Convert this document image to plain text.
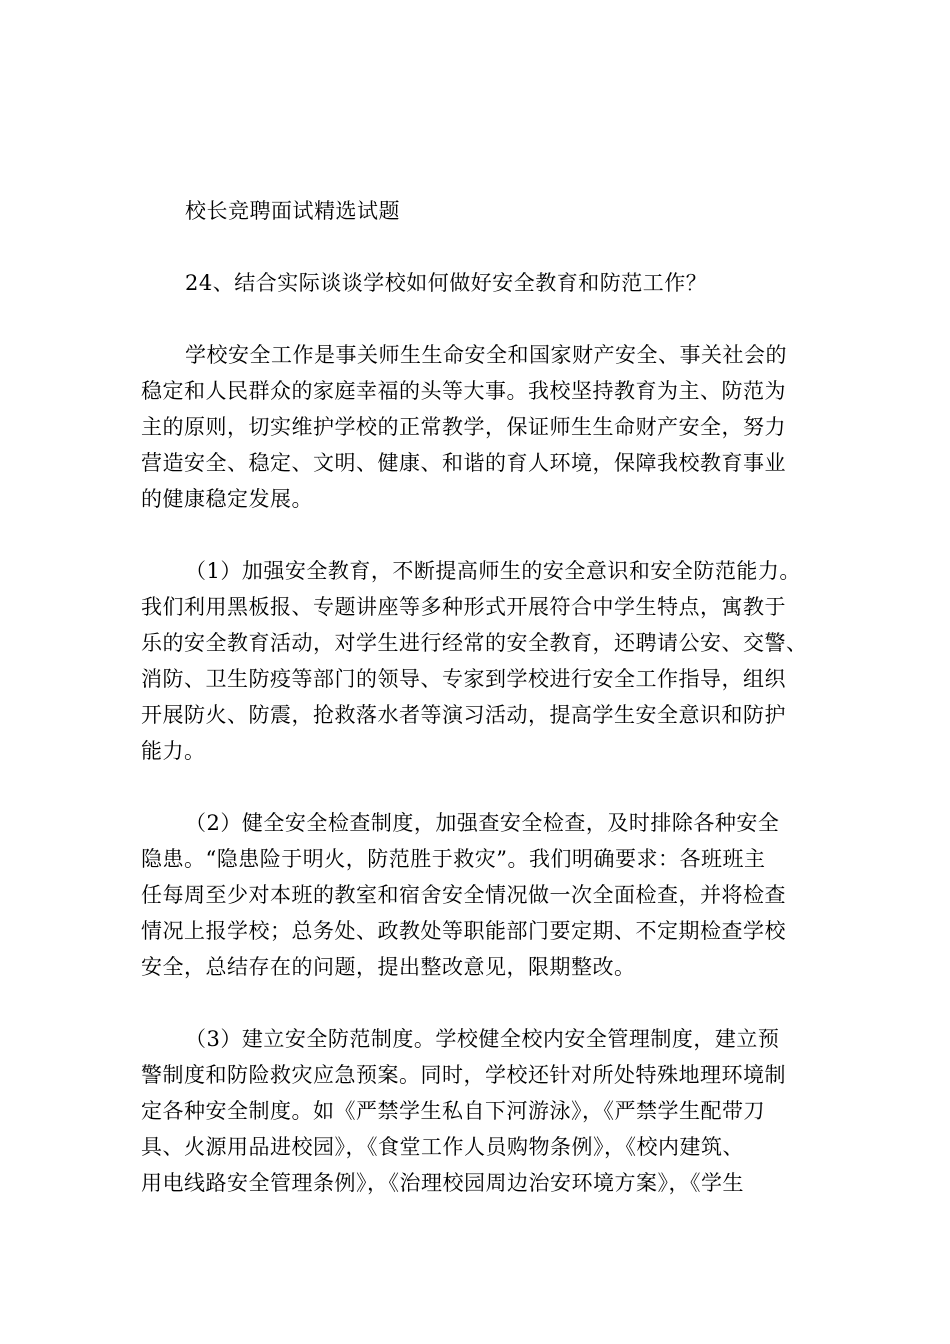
校长竞聘面试精选试题
24、结合实际谈谈学校如何做好安全教育和防范工作？
学校安全工作是事关师生生命安全和国家财产安全、事关社会的
稳定和人民群众的家庭幸福的头等大事。我校坚持教育为主、防范为
主的原则，切实维护学校的正常教学，保证师生生命财产安全，努力
营造安全、稳定、文明、健康、和谐的育人环境，保障我校教育事业
的健康稳定发展。
（1）加强安全教育，不断提高师生的安全意识和安全防范能力。
我们利用黑板报、专题讲座等多种形式开展符合中学生特点，寓教于
乐的安全教育活动，对学生进行经常的安全教育，还聘请公安、交警、
消防、卫生防疫等部门的领导、专家到学校进行安全工作指导，组织
开展防火、防震，抢救落水者等演习活动，提高学生安全意识和防护
能力。
（2）健全安全检查制度，加强查安全检查，及时排除各种安全
隐患。“隐患险于明火，防范胜于救灾”。我们明确要求：各班班主
任每周至少对本班的教室和宿舍安全情况做一次全面检查，并将检查
情况上报学校；总务处、政教处等职能部门要定期、不定期检查学校
安全，总结存在的问题，提出整改意见，限期整改。
（3）建立安全防范制度。学校健全校内安全管理制度，建立预
警制度和防险救灾应急预案。同时，学校还针对所处特殊地理环境制
定各种安全制度。如《严禁学生私自下河游泳》，《严禁学生配带刀
具、火源用品进校园》，《食堂工作人员购物条例》，《校内建筑、
用电线路安全管理条例》，《治理校园周边治安环境方案》，《学生
